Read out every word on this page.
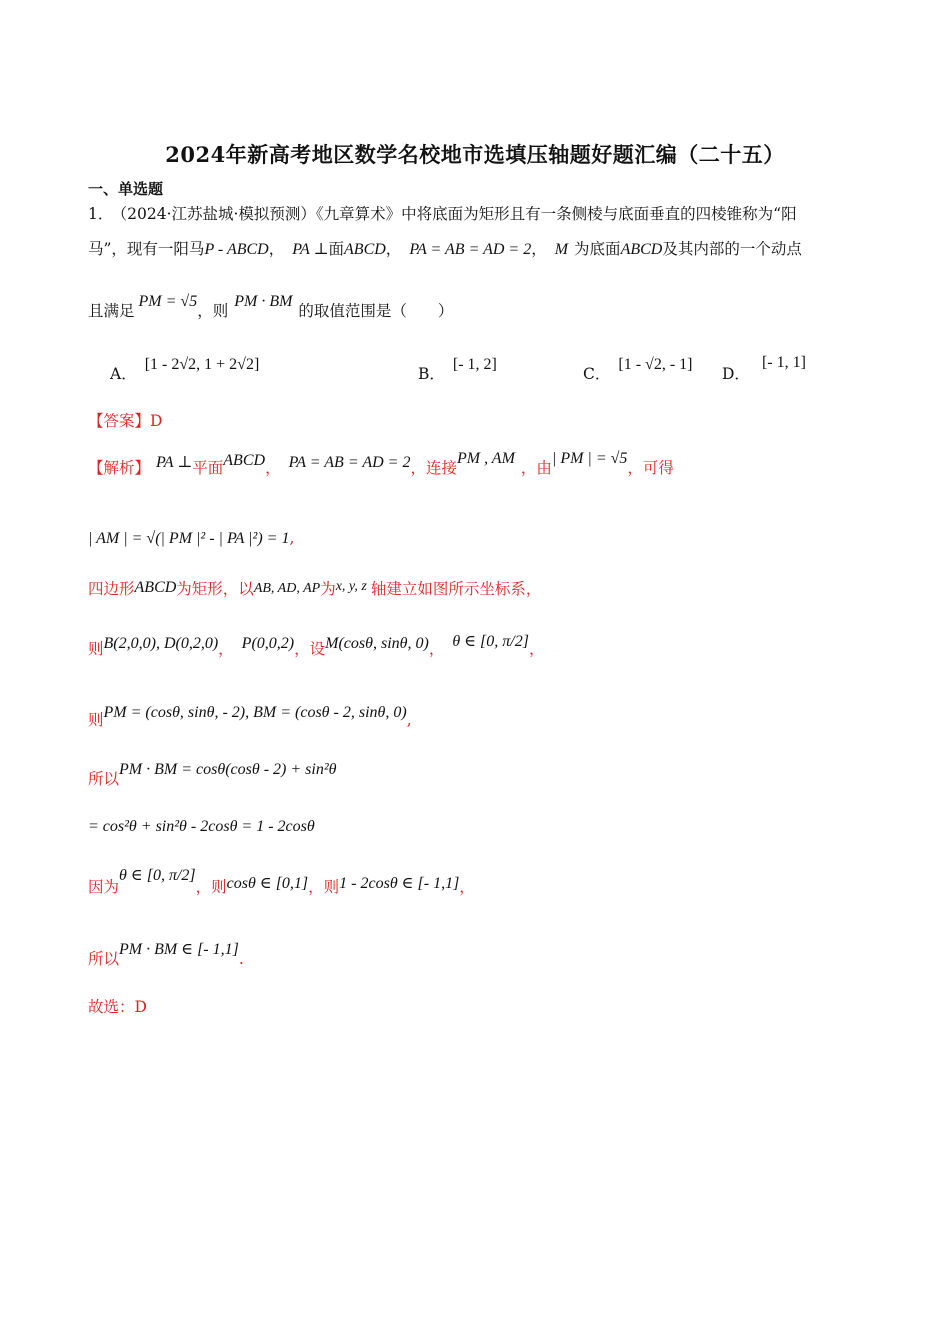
2024年新高考地区数学名校地市选填压轴题好题汇编（二十五）
一、单选题
1． （2024·江苏盐城·模拟预测）《九章算术》中将底面为矩形且有一条侧棱与底面垂直的四棱锥称为“阳
马”，现有一阳马P - ABCD， PA ⊥面ABCD， PA = AB = AD = 2， M 为底面ABCD及其内部的一个动点
且满足PM = √5，则PM · BM的取值范围是（　　）
A．[1 - 2√2, 1 + 2√2]
B．[- 1, 2]
C．[1 - √2, - 1]
D．[- 1, 1]
【答案】D
【解析】 PA ⊥平面ABCD， PA = AB = AD = 2，连接PM , AM，由| PM | = √5，可得
| AM | = √(| PM |² - | PA |²) = 1,
四边形ABCD为矩形，以AB, AD, AP为x, y, z 轴建立如图所示坐标系，
则B(2,0,0), D(0,2,0)， P(0,0,2)，设M(cosθ, sinθ, 0)， θ ∈ [0, π/2]，
则PM = (cosθ, sinθ, - 2), BM = (cosθ - 2, sinθ, 0),
所以PM · BM = cosθ(cosθ - 2) + sin²θ
= cos²θ + sin²θ - 2cosθ = 1 - 2cosθ
因为θ ∈ [0, π/2]，则cosθ ∈ [0,1]，则1 - 2cosθ ∈ [- 1,1]，
所以PM · BM ∈ [- 1,1].
故选：D
